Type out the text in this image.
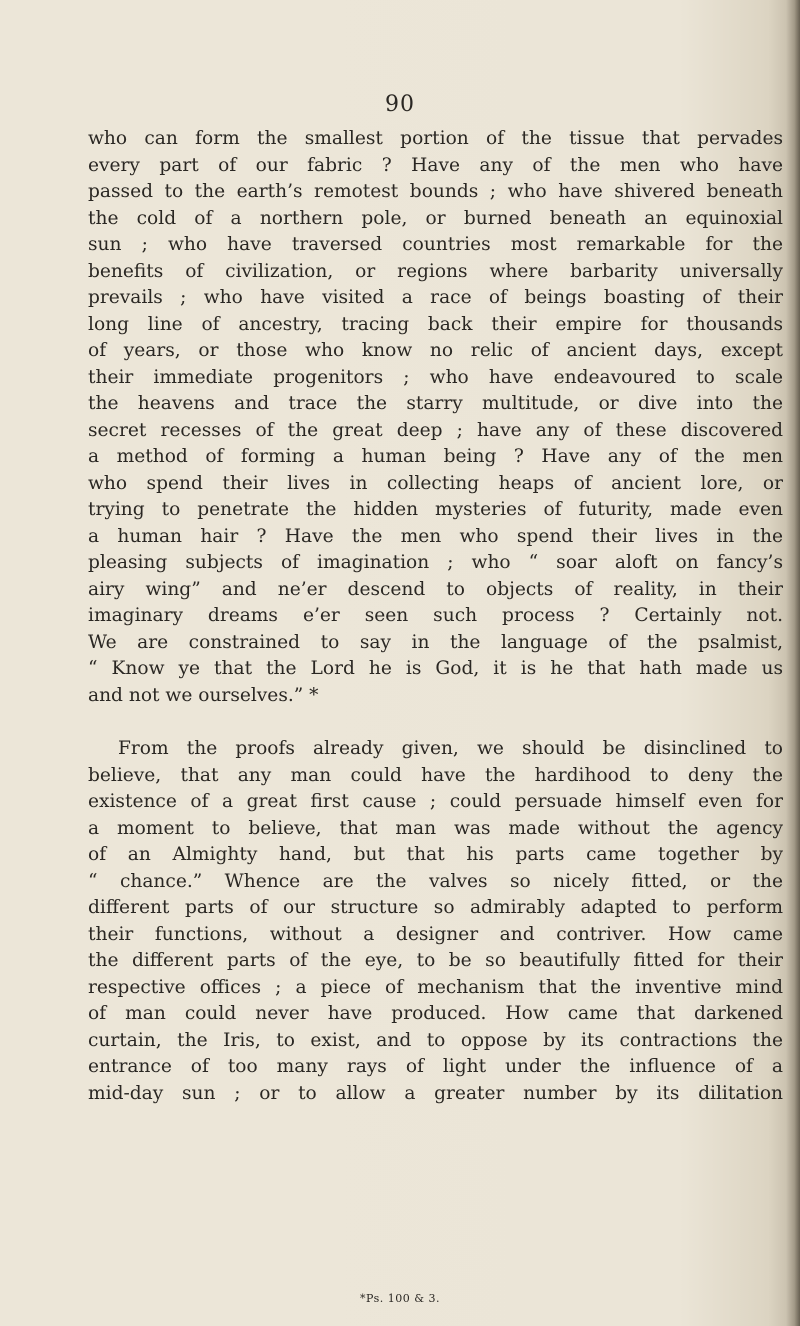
90
who can form the smallest portion of the tissue that pervades
every part of our fabric ? Have any of the men who have
passed to the earth’s remotest bounds ; who have shivered beneath
the cold of a northern pole, or burned beneath an equinoxial
sun ; who have traversed countries most remarkable for the
benefits of civilization, or regions where barbarity universally
prevails ; who have visited a race of beings boasting of their
long line of ancestry, tracing back their empire for thousands
of years, or those who know no relic of ancient days, except
their immediate progenitors ; who have endeavoured to scale
the heavens and trace the starry multitude, or dive into the
secret recesses of the great deep ; have any of these discovered
a method of forming a human being ? Have any of the men
who spend their lives in collecting heaps of ancient lore, or
trying to penetrate the hidden mysteries of futurity, made even
a human hair ? Have the men who spend their lives in the
pleasing subjects of imagination ; who “ soar aloft on fancy’s
airy wing” and ne’er descend to objects of reality, in their
imaginary dreams e’er seen such process ? Certainly not.
We are constrained to say in the language of the psalmist,
“ Know ye that the Lord he is God, it is he that hath made us
and not we ourselves.” *
From the proofs already given, we should be disinclined to
believe, that any man could have the hardihood to deny the
existence of a great first cause ; could persuade himself even for
a moment to believe, that man was made without the agency
of an Almighty hand, but that his parts came together by
“ chance.” Whence are the valves so nicely fitted, or the
different parts of our structure so admirably adapted to perform
their functions, without a designer and contriver. How came
the different parts of the eye, to be so beautifully fitted for their
respective offices ; a piece of mechanism that the inventive mind
of man could never have produced. How came that darkened
curtain, the Iris, to exist, and to oppose by its contractions the
entrance of too many rays of light under the influence of a
mid-day sun ; or to allow a greater number by its dilitation
*Ps. 100 & 3.
